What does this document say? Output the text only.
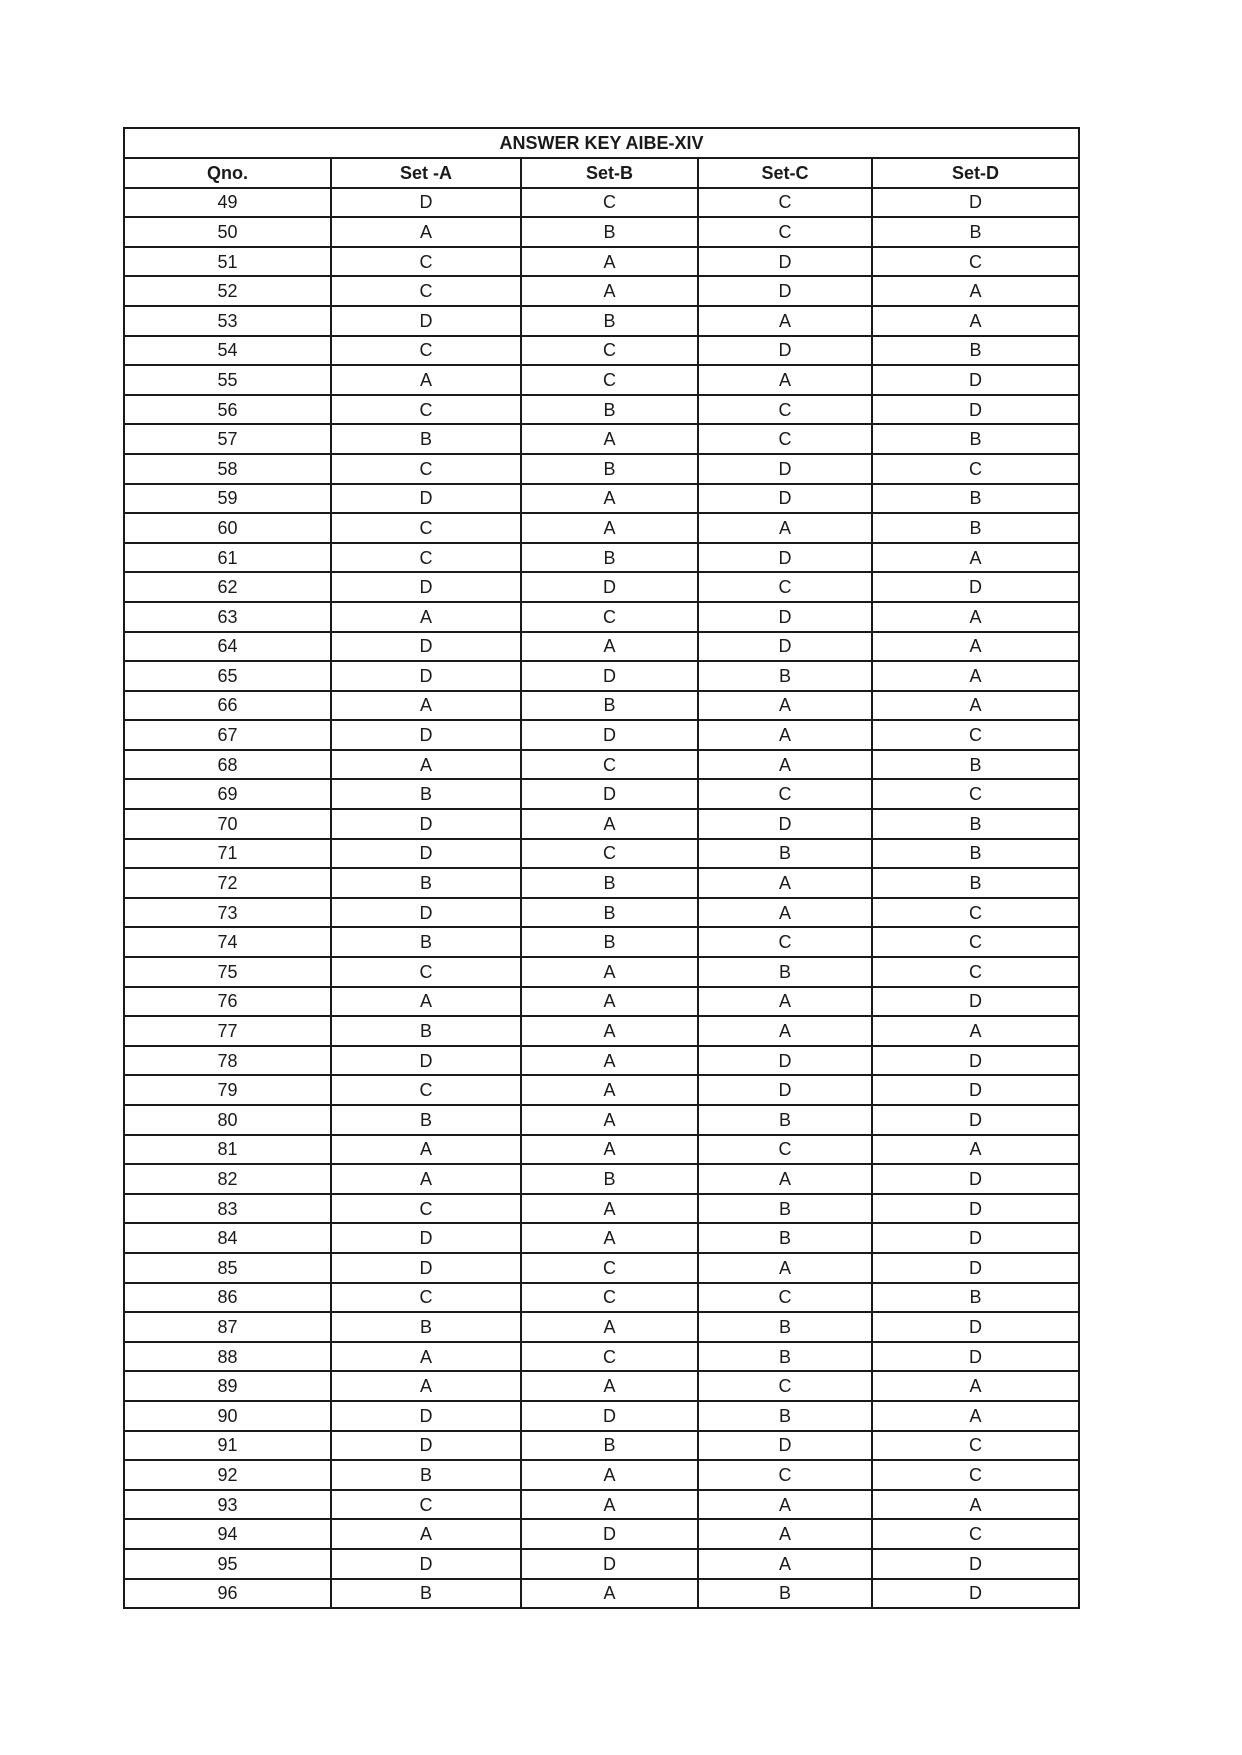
ANSWER KEY AIBE-XIV				
Qno.	Set -A	Set-B	Set-C	Set-D
49	D	C	C	D
50	A	B	C	B
51	C	A	D	C
52	C	A	D	A
53	D	B	A	A
54	C	C	D	B
55	A	C	A	D
56	C	B	C	D
57	B	A	C	B
58	C	B	D	C
59	D	A	D	B
60	C	A	A	B
61	C	B	D	A
62	D	D	C	D
63	A	C	D	A
64	D	A	D	A
65	D	D	B	A
66	A	B	A	A
67	D	D	A	C
68	A	C	A	B
69	B	D	C	C
70	D	A	D	B
71	D	C	B	B
72	B	B	A	B
73	D	B	A	C
74	B	B	C	C
75	C	A	B	C
76	A	A	A	D
77	B	A	A	A
78	D	A	D	D
79	C	A	D	D
80	B	A	B	D
81	A	A	C	A
82	A	B	A	D
83	C	A	B	D
84	D	A	B	D
85	D	C	A	D
86	C	C	C	B
87	B	A	B	D
88	A	C	B	D
89	A	A	C	A
90	D	D	B	A
91	D	B	D	C
92	B	A	C	C
93	C	A	A	A
94	A	D	A	C
95	D	D	A	D
96	B	A	B	D
